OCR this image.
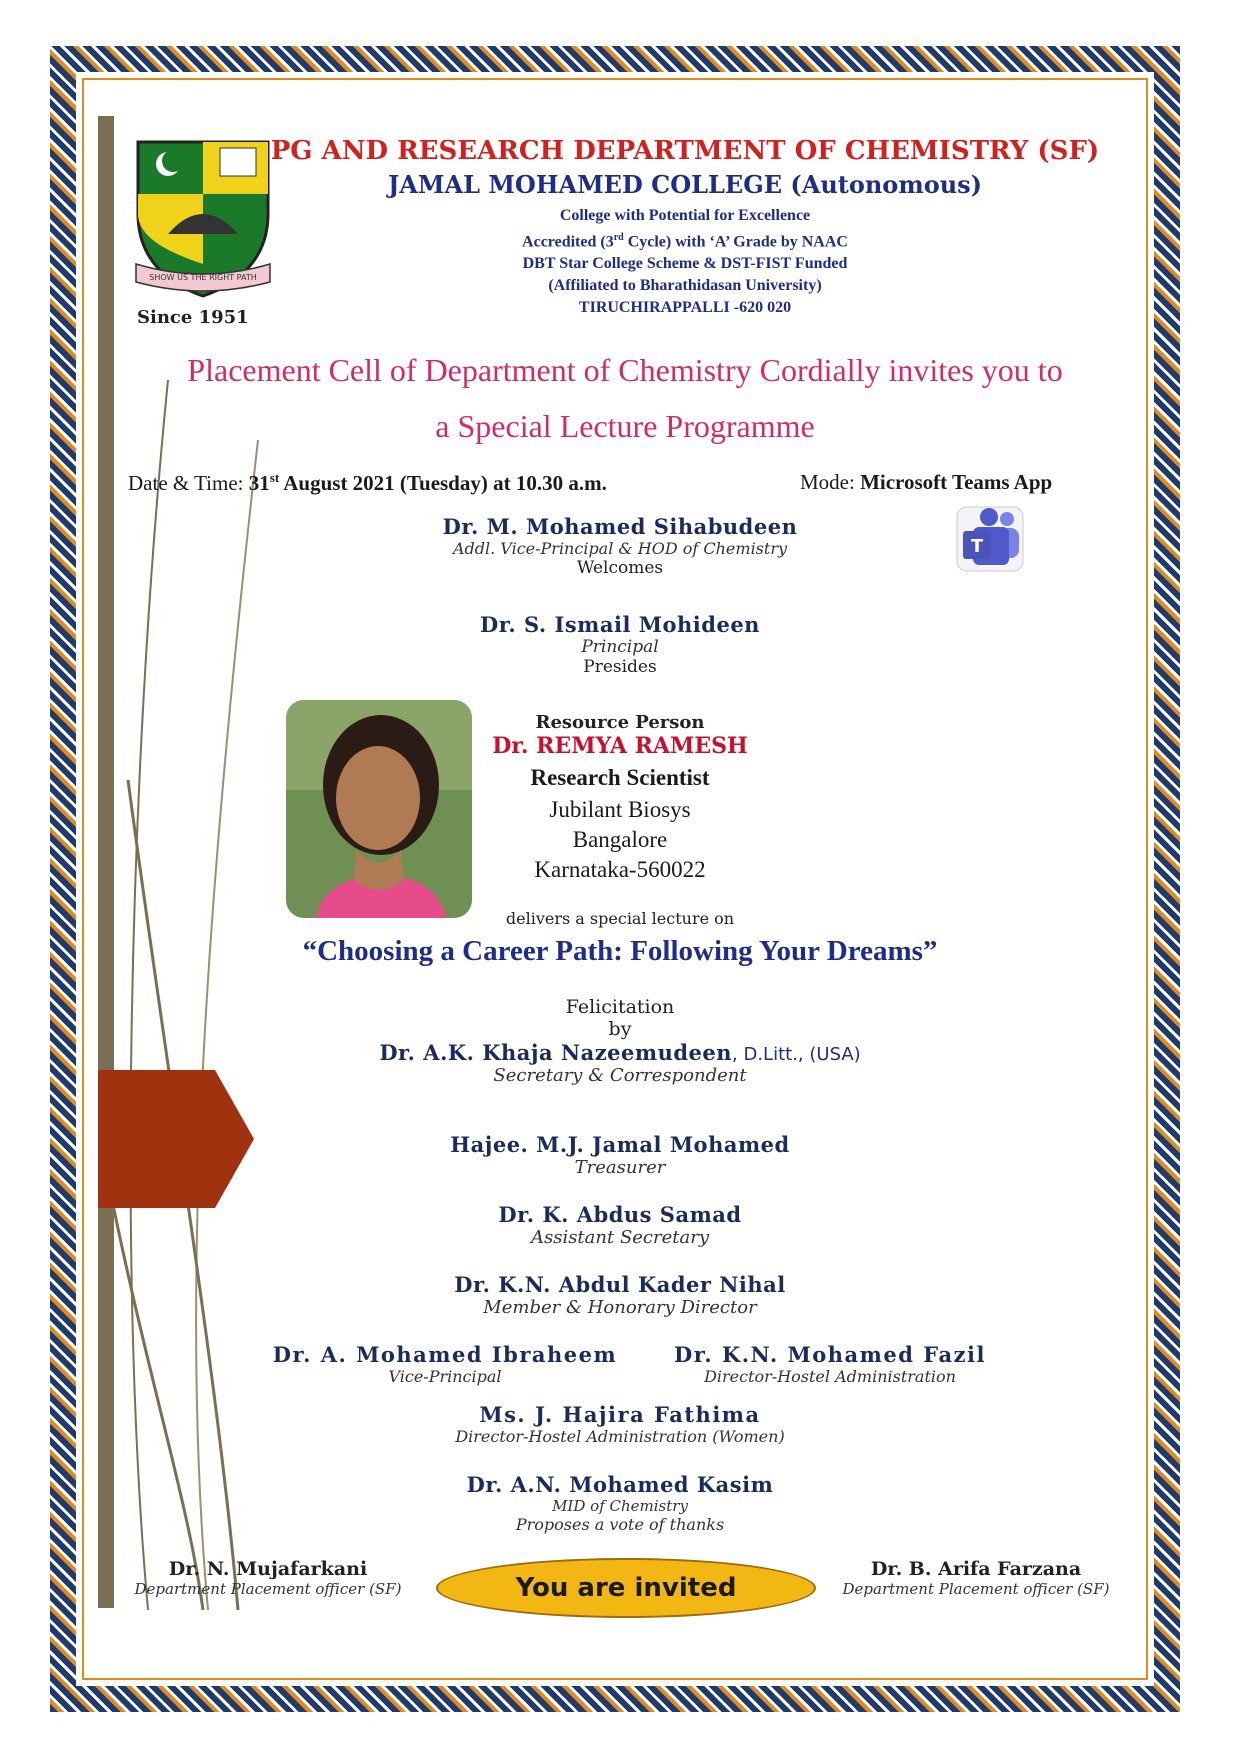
SHOW US THE RIGHT PATH
Since 1951
PG AND RESEARCH DEPARTMENT OF CHEMISTRY (SF)
JAMAL MOHAMED COLLEGE (Autonomous)
College with Potential for Excellence
Accredited (3rd Cycle) with ‘A’ Grade by NAAC
DBT Star College Scheme & DST-FIST Funded
(Affiliated to Bharathidasan University)
TIRUCHIRAPPALLI -620 020
Placement Cell of Department of Chemistry Cordially invites you to
a Special Lecture Programme
Date & Time: 31st August 2021 (Tuesday) at 10.30 a.m.	Mode: Microsoft Teams App
T
Dr. M. Mohamed Sihabudeen
Addl. Vice-Principal & HOD of Chemistry
Welcomes
Dr. S. Ismail Mohideen
Principal
Presides
Resource Person
Dr. REMYA RAMESH
Research Scientist
Jubilant Biosys
Bangalore
Karnataka-560022
delivers a special lecture on
“Choosing a Career Path: Following Your Dreams”
Felicitation
by
Dr. A.K. Khaja Nazeemudeen, D.Litt., (USA)
Secretary & Correspondent
Hajee. M.J. Jamal Mohamed
Treasurer
Dr. K. Abdus Samad
Assistant Secretary
Dr. K.N. Abdul Kader Nihal
Member & Honorary Director
Dr. A. Mohamed Ibraheem
Vice-Principal
Dr. K.N. Mohamed Fazil
Director-Hostel Administration
Ms. J. Hajira Fathima
Director-Hostel Administration (Women)
Dr. A.N. Mohamed Kasim
MID of Chemistry
Proposes a vote of thanks
Dr. N. Mujafarkani
Department Placement officer (SF)	You are invited
Dr. B. Arifa Farzana
Department Placement officer (SF)
